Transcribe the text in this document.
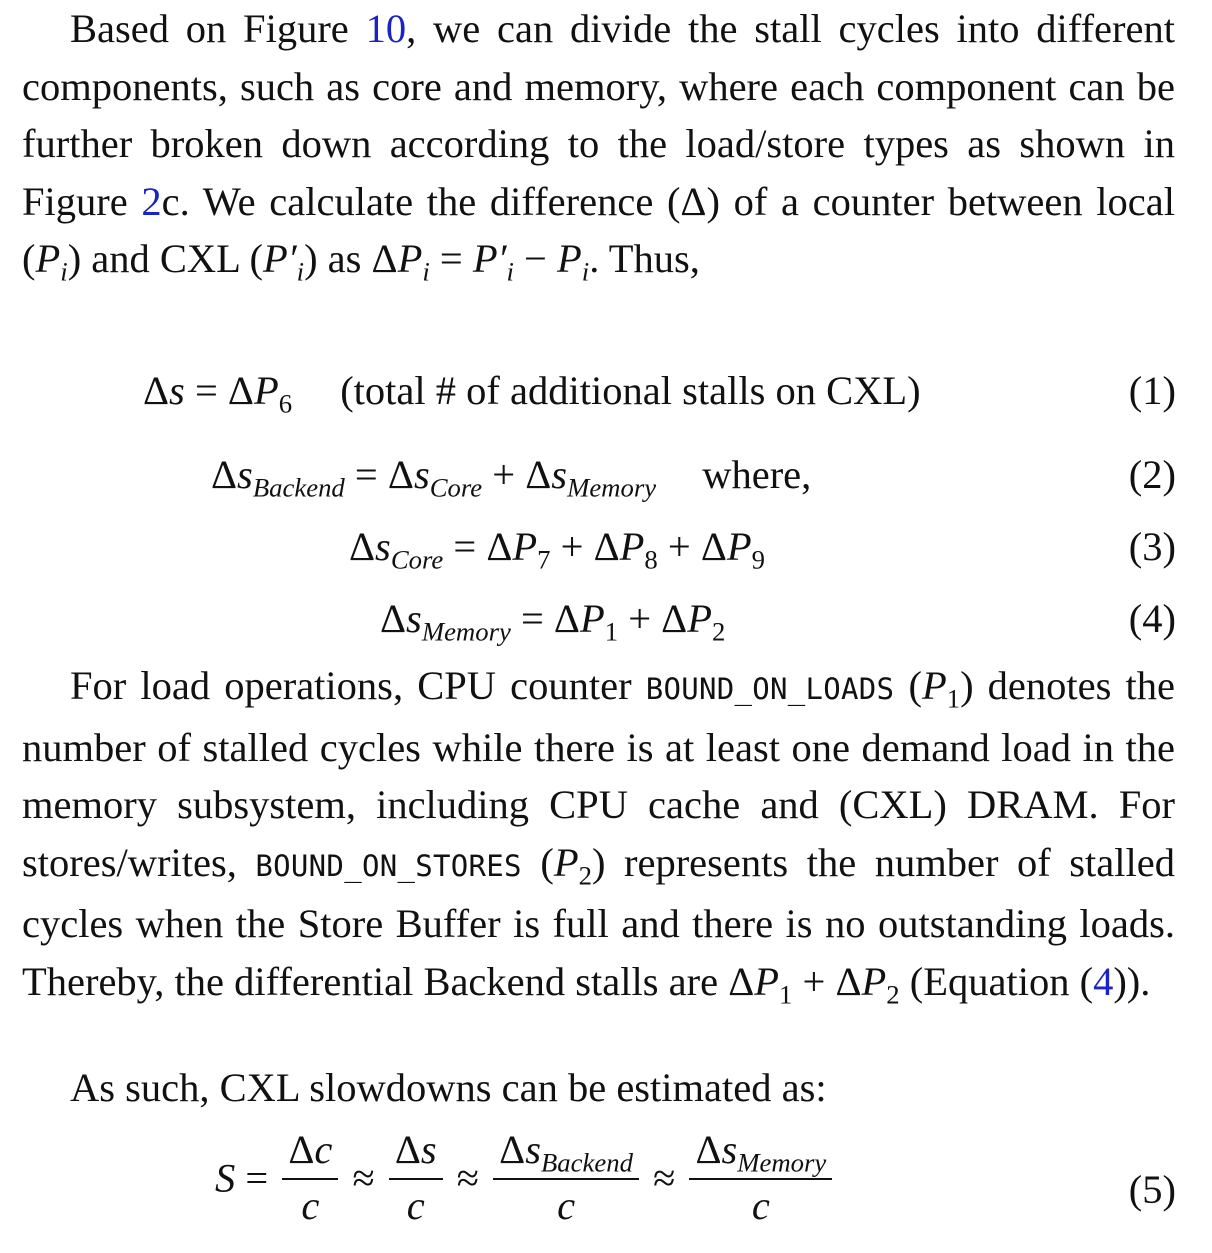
Based on Figure 10, we can divide the stall cycles into different components, such as core and memory, where each component can be further broken down according to the load/store types as shown in Figure 2c. We calculate the difference (Δ) of a counter between local $(P_i)$ and CXL $(P'_i)$ as $\Delta P_i = P'_i - P_i$. Thus,

$\Delta s = \Delta P_6$ (total # of additional stalls on CXL)	(1)
$\Delta s_{Backend} = \Delta s_{Core} + \Delta s_{Memory}$ where,	(2)
$\Delta s_{Core} = \Delta P_7 + \Delta P_8 + \Delta P_9$	(3)
$\Delta s_{Memory} = \Delta P_1 + \Delta P_2$	(4)

For load operations, CPU counter BOUND_ON_LOADS $(P_1)$ denotes the number of stalled cycles while there is at least one demand load in the memory subsystem, including CPU cache and (CXL) DRAM. For stores/writes, BOUND_ON_STORES $(P_2)$ represents the number of stalled cycles when the Store Buffer is full and there is no outstanding loads. Thereby, the differential Backend stalls are $\Delta P_1 + \Delta P_2$ (Equation (4)).

As such, CXL slowdowns can be estimated as:

$S = \frac{\Delta c}{c} \approx \frac{\Delta s}{c} \approx \frac{\Delta s_{Backend}}{c} \approx \frac{\Delta s_{Memory}}{c}$	(5)
